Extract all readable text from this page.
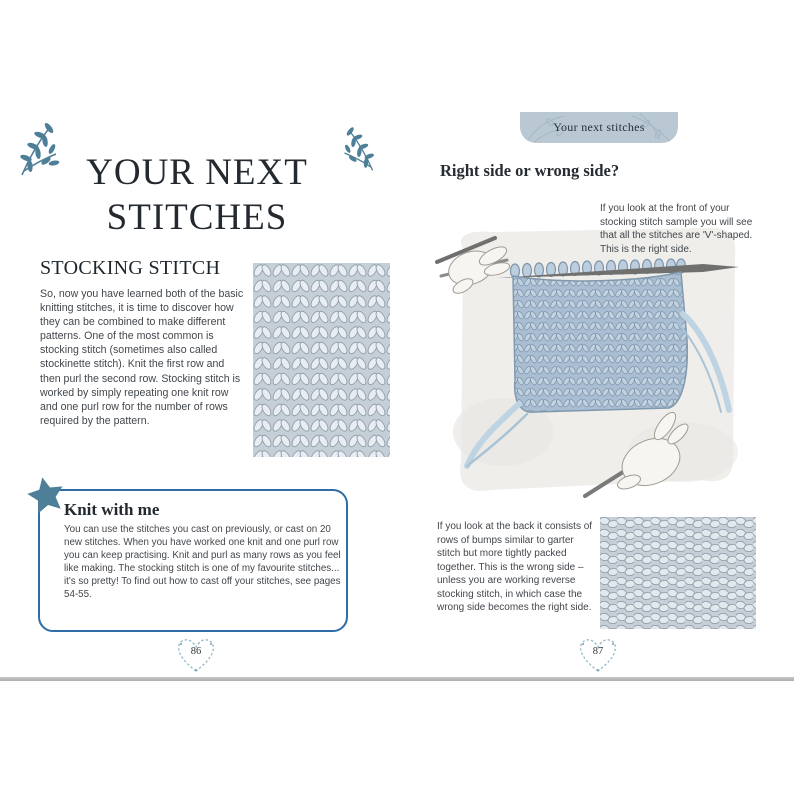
YOUR NEXT
STITCHES
STOCKING STITCH

So, now you have learned both of the basic knitting stitches, it is time to discover how they can be combined to make different patterns. One of the most common is stocking stitch (sometimes also called stockinette stitch). Knit the first row and then purl the second row. Stocking stitch is worked by simply repeating one knit row and one purl row for the number of rows required by the pattern.

Knit with me

You can use the stitches you cast on previously, or cast on 20 new stitches. When you have worked one knit and one purl row you can keep practising. Knit and purl as many rows as you feel like making. The stocking stitch is one of my favourite stitches... it's so pretty! To find out how to cast off your stitches, see pages 54-55.

86
Your next stitches
Right side or wrong side?

If you look at the front of your stocking stitch sample you will see that all the stitches are 'V'-shaped. This is the right side.

If you look at the back it consists of rows of bumps similar to garter stitch but more tightly packed together. This is the wrong side – unless you are working reverse stocking stitch, in which case the wrong side becomes the right side.

87
